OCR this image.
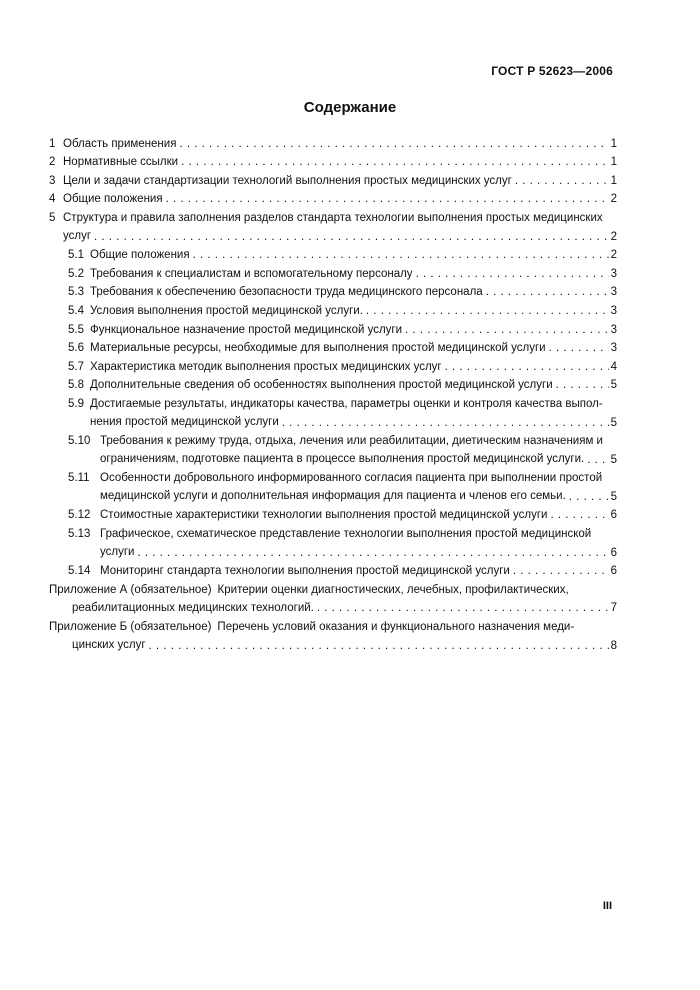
ГОСТ Р 52623—2006
Содержание
1 Область применения . . .	1
2 Нормативные ссылки . . .	1
3 Цели и задачи стандартизации технологий выполнения простых медицинских услуг . . .	1
4 Общие положения . . .	2
5 Структура и правила заполнения разделов стандарта технологии выполнения простых медицинских
услуг . . .	2
5.1 Общие положения . . .	2
5.2 Требования к специалистам и вспомогательному персоналу . . .	3
5.3 Требования к обеспечению безопасности труда медицинского персонала . . .	3
5.4 Условия выполнения простой медицинской услуги. . . .	3
5.5 Функциональное назначение простой медицинской услуги . . .	3
5.6 Материальные ресурсы, необходимые для выполнения простой медицинской услуги . . .	3
5.7 Характеристика методик выполнения простых медицинских услуг . . .	4
5.8 Дополнительные сведения об особенностях выполнения простой медицинской услуги . . .	5
5.9 Достигаемые результаты, индикаторы качества, параметры оценки и контроля качества выпол-
нения простой медицинской услуги . . .	5
5.10 Требования к режиму труда, отдыха, лечения или реабилитации, диетическим назначениям и
ограничениям, подготовке пациента в процессе выполнения простой медицинской услуги. . . . 5
5.11 Особенности добровольного информированного согласия пациента при выполнении простой
медицинской услуги и дополнительная информация для пациента и членов его семьи. . . .	5
5.12 Стоимостные характеристики технологии выполнения простой медицинской услуги . . .	6
5.13 Графическое, схематическое представление технологии выполнения простой медицинской
услуги . . .	6
5.14 Мониторинг стандарта технологии выполнения простой медицинской услуги . . .	6
Приложение А (обязательное) Критерии оценки диагностических, лечебных, профилактических,
реабилитационных медицинских технологий. . . .	7
Приложение Б (обязательное) Перечень условий оказания и функционального назначения меди-
цинских услуг . . .	8
III
